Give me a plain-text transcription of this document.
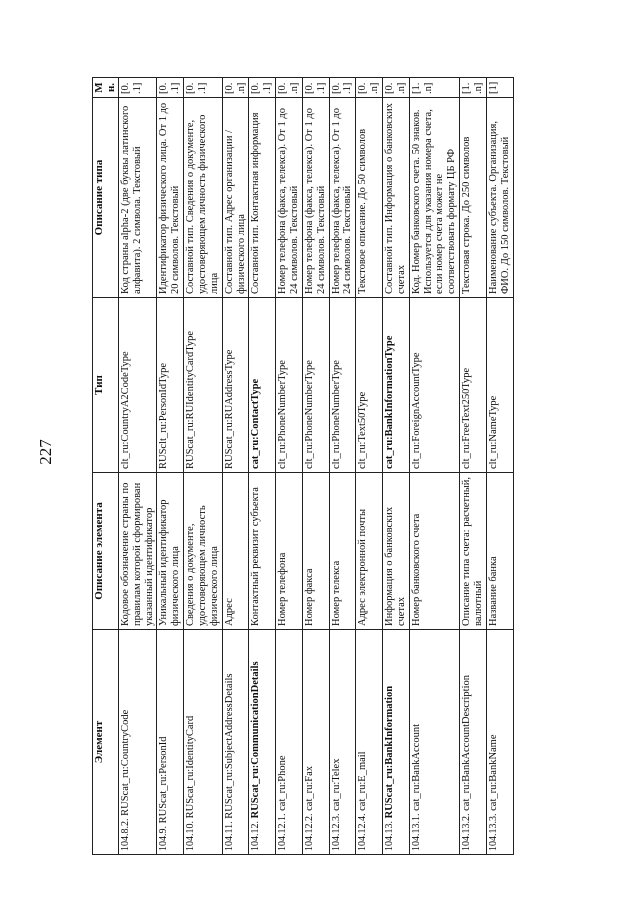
227
Элемент	Описание элемента	Тип	Описание типа	Мн.
104.8.2. RUScat_ru:CountryCode	Кодовое обозначение страны по правилам которой сформирован указанный идентификатор	clt_ru:CountryA2CodeType	Код страны alpha-2 (две буквы латинского алфавита). 2 символа. Текстовый	[0..1]
104.9. RUScat_ru:PersonId	Уникальный идентификатор физического лица	RUSclt_ru:PersonIdType	Идентификатор физического лица. От 1 до 20 символов. Текстовый	[0..1]
104.10. RUScat_ru:IdentityCard	Сведения о документе, удостоверяющем личность физического лица	RUScat_ru:RUIdentityCardType	Составной тип. Сведения о документе, удостоверяющем личность физического лица	[0..1]
104.11. RUScat_ru:SubjectAddressDetails	Адрес	RUScat_ru:RUAddressType	Составной тип. Адрес организации / физического лица	[0..n]
104.12. RUScat_ru:CommunicationDetails	Контактный реквизит субъекта	cat_ru:ContactType	Составной тип. Контактная информация	[0..1]
104.12.1. cat_ru:Phone	Номер телефона	clt_ru:PhoneNumberType	Номер телефона (факса, телекса). От 1 до 24 символов. Текстовый	[0..n]
104.12.2. cat_ru:Fax	Номер факса	clt_ru:PhoneNumberType	Номер телефона (факса, телекса). От 1 до 24 символов. Текстовый	[0..1]
104.12.3. cat_ru:Telex	Номер телекса	clt_ru:PhoneNumberType	Номер телефона (факса, телекса). От 1 до 24 символов. Текстовый	[0..1]
104.12.4. cat_ru:E_mail	Адрес электронной почты	clt_ru:Text50Type	Текстовое описание. До 50 символов	[0..n]
104.13. RUScat_ru:BankInformation	Информация о банковских счетах	cat_ru:BankInformationType	Составной тип. Информация о банковских счетах	[0..n]
104.13.1. cat_ru:BankAccount	Номер банковского счета	clt_ru:ForeignAccountType	Код. Номер банковского счета. 50 знаков. Используется для указания номера счета, если номер счета может не соответствовать формату ЦБ РФ	[1..n]
104.13.2. cat_ru:BankAccountDescription	Описание типа счета: расчетный, валютный	clt_ru:FreeText250Type	Текстовая строка. До 250 символов	[1..n]
104.13.3. cat_ru:BankName	Название банка	clt_ru:NameType	Наименование субъекта. Организация, ФИО. До 150 символов. Текстовый	[1]
